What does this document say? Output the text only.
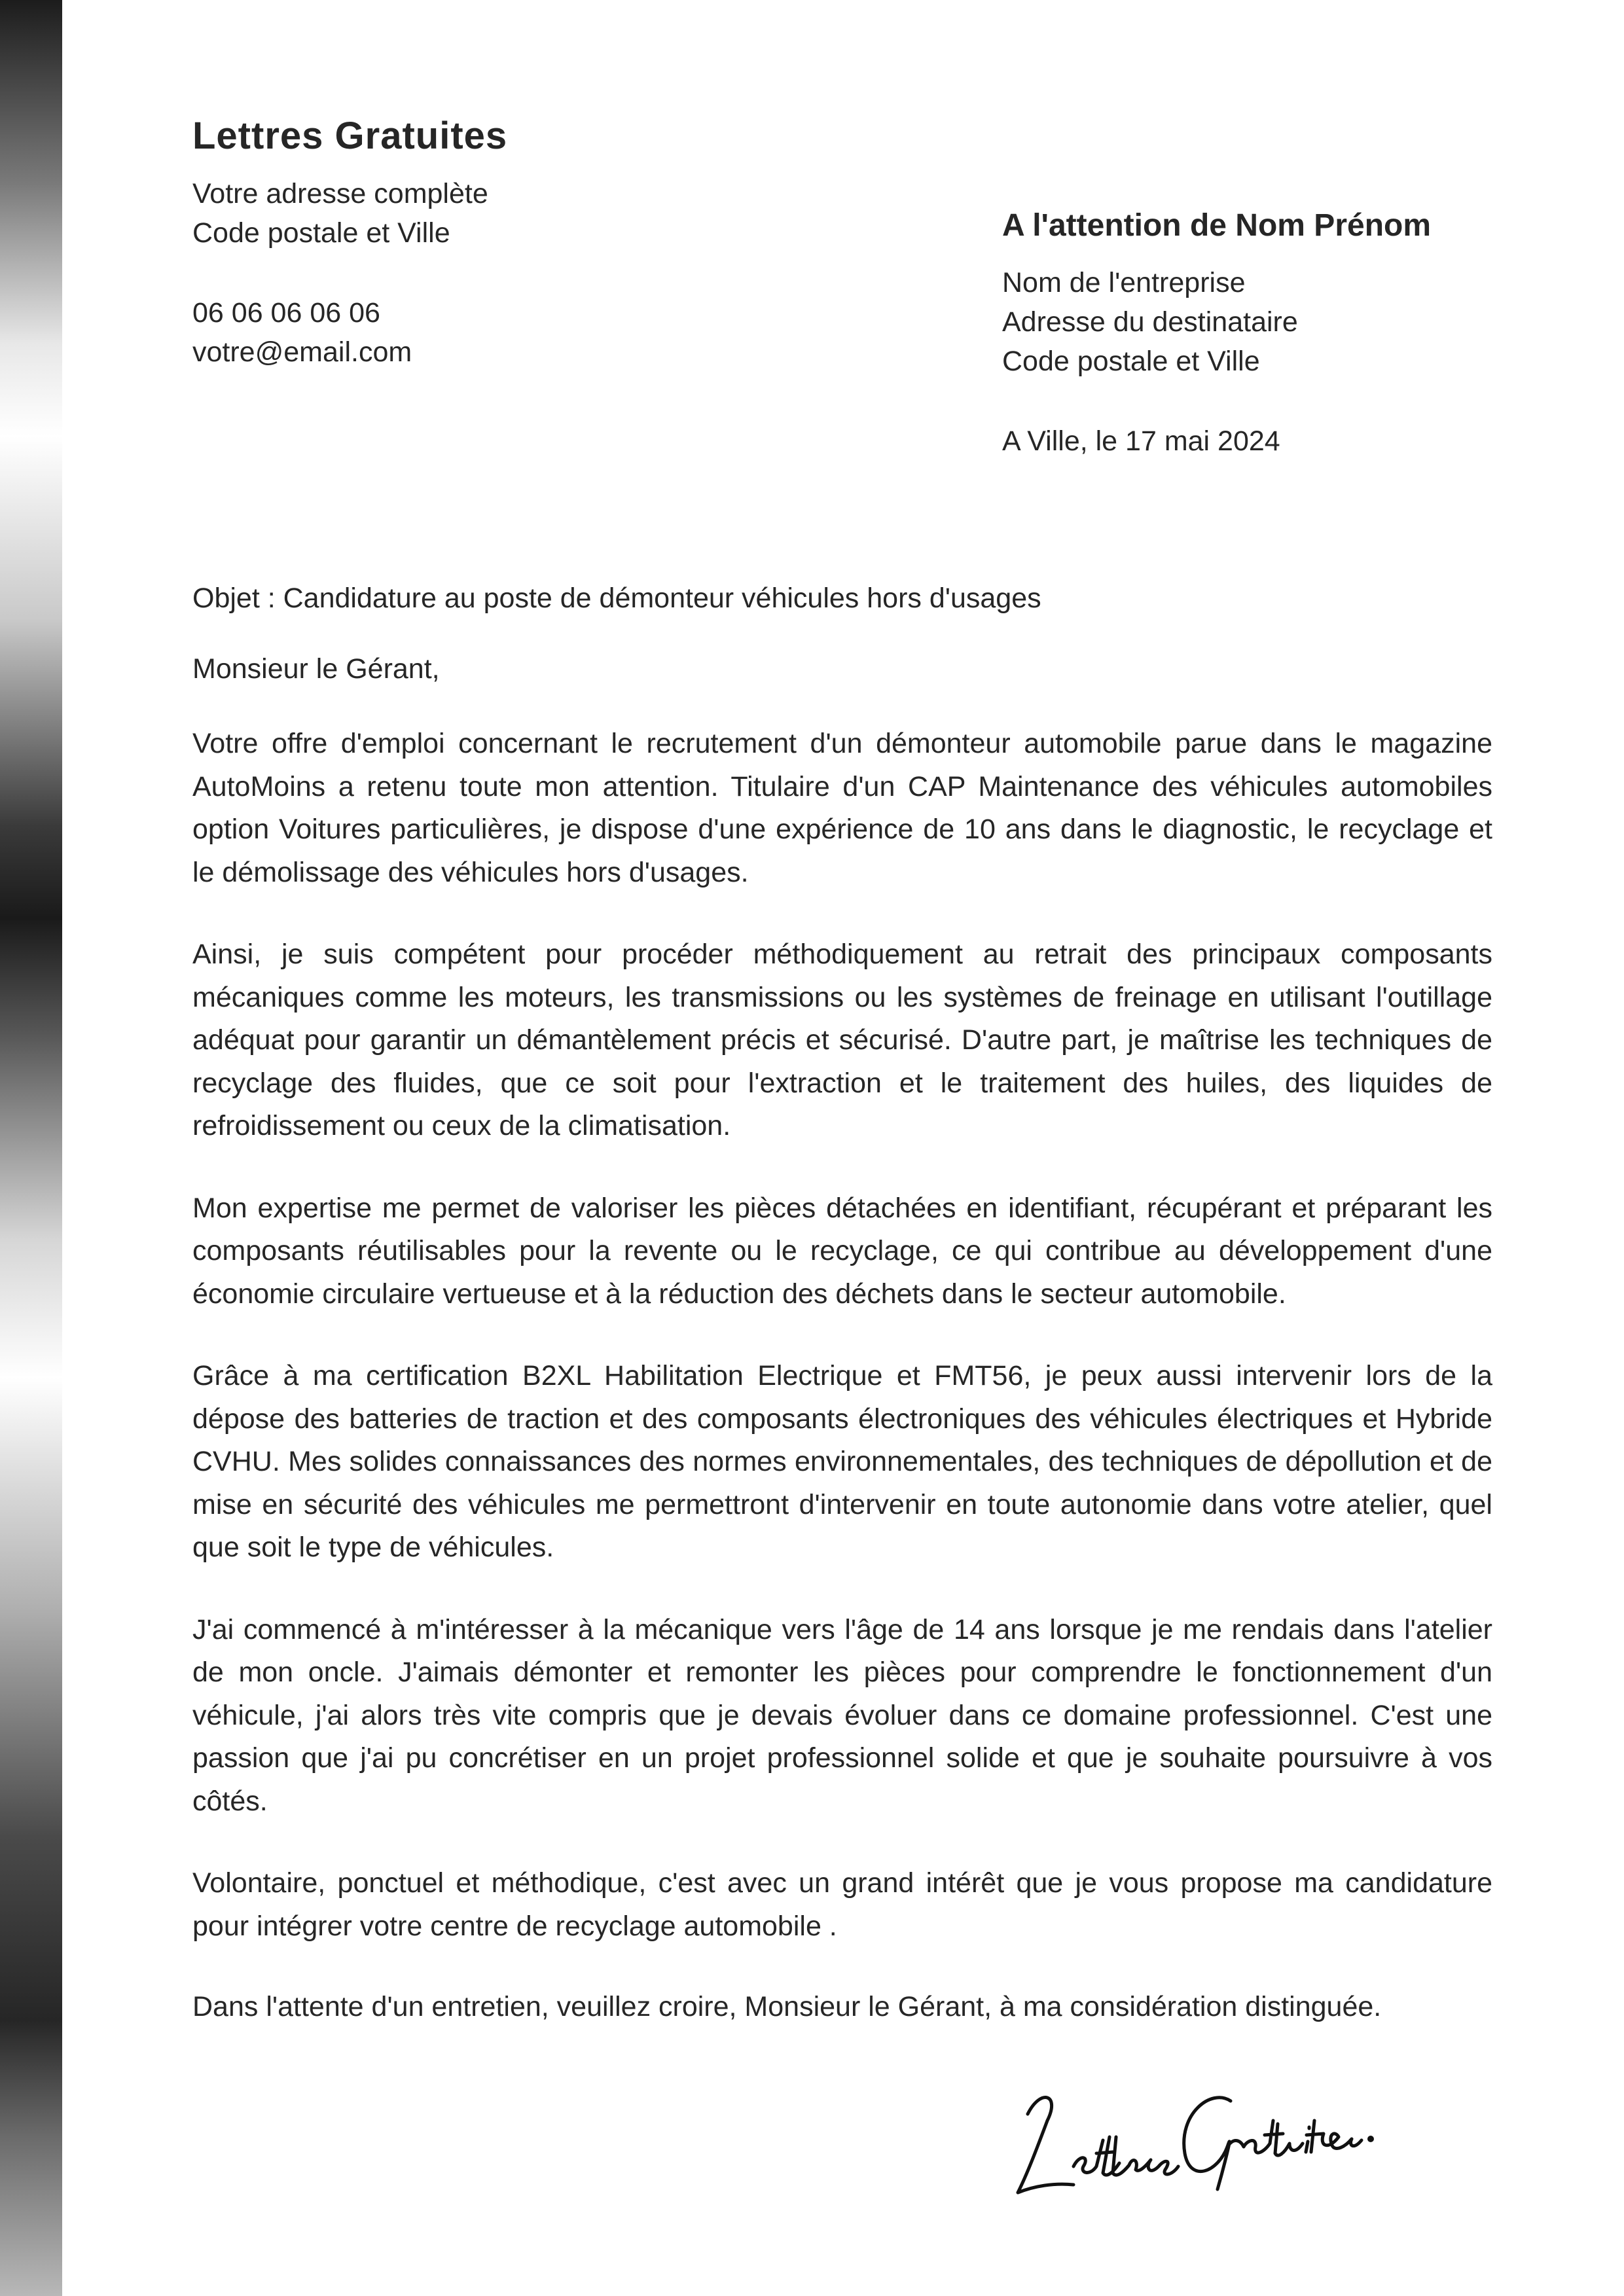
Lettres Gratuites
Votre adresse complète
Code postale et Ville
06 06 06 06 06
votre@email.com
A l'attention de Nom Prénom
Nom de l'entreprise
Adresse du destinataire
Code postale et Ville
A Ville, le 17 mai 2024

Objet : Candidature au poste de démonteur véhicules hors d'usages

Monsieur le Gérant,

Votre offre d'emploi concernant le recrutement d'un démonteur automobile parue dans le magazine AutoMoins a retenu toute mon attention. Titulaire d'un CAP Maintenance des véhicules automobiles option Voitures particulières, je dispose d'une expérience de 10 ans dans le diagnostic, le recyclage et le démolissage des véhicules hors d'usages.

Ainsi, je suis compétent pour procéder méthodiquement au retrait des principaux composants mécaniques comme les moteurs, les transmissions ou les systèmes de freinage en utilisant l'outillage adéquat pour garantir un démantèlement précis et sécurisé. D'autre part, je maîtrise les techniques de recyclage des fluides, que ce soit pour l'extraction et le traitement des huiles, des liquides de refroidissement ou ceux de la climatisation.

Mon expertise me permet de valoriser les pièces détachées en identifiant, récupérant et préparant les composants réutilisables pour la revente ou le recyclage, ce qui contribue au développement d'une économie circulaire vertueuse et à la réduction des déchets dans le secteur automobile.

Grâce à ma certification B2XL Habilitation Electrique et FMT56, je peux aussi intervenir lors de la dépose des batteries de traction et des composants électroniques des véhicules électriques et Hybride CVHU. Mes solides connaissances des normes environnementales, des techniques de dépollution et de mise en sécurité des véhicules me permettront d'intervenir en toute autonomie dans votre atelier, quel que soit le type de véhicules.

J'ai commencé à m'intéresser à la mécanique vers l'âge de 14 ans lorsque je me rendais dans l'atelier de mon oncle. J'aimais démonter et remonter les pièces pour comprendre le fonctionnement d'un véhicule, j'ai alors très vite compris que je devais évoluer dans ce domaine professionnel. C'est une passion que j'ai pu concrétiser en un projet professionnel solide et que je souhaite poursuivre à vos côtés.

Volontaire, ponctuel et méthodique, c'est avec un grand intérêt que je vous propose ma candidature pour intégrer votre centre de recyclage automobile .

Dans l'attente d'un entretien, veuillez croire, Monsieur le Gérant, à ma considération distinguée.
